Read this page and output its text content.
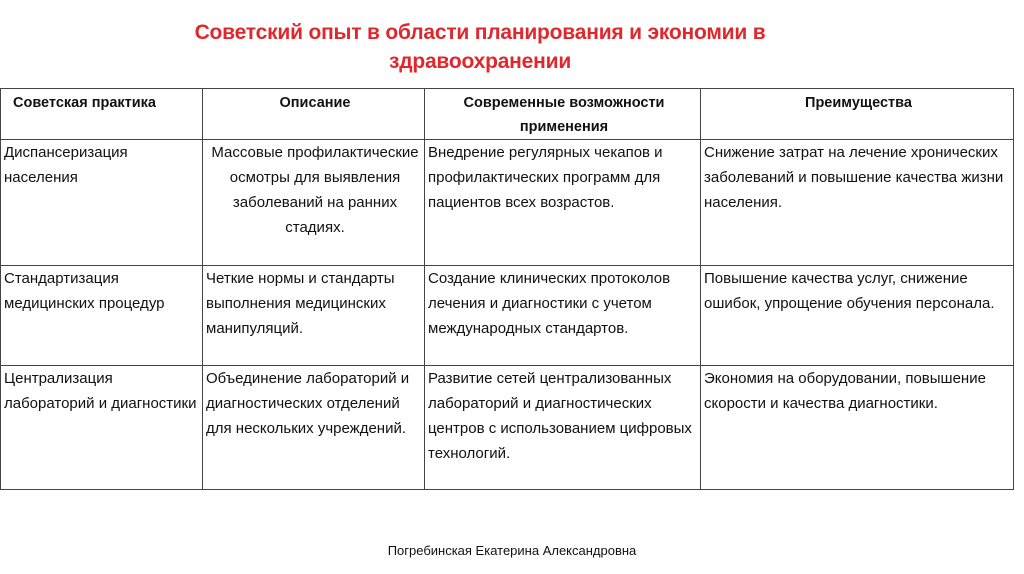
Советский опыт в области планирования и экономии в здравоохранении
Советская практика	Описание	Современные возможности применения	Преимущества
Диспансеризация населения	Массовые профилактические осмотры для выявления заболеваний на ранних стадиях.	Внедрение регулярных чекапов и профилактических программ для пациентов всех возрастов.	Снижение затрат на лечение хронических заболеваний и повышение качества жизни населения.
Стандартизация медицинских процедур	Четкие нормы и стандарты выполнения медицинских манипуляций.	Создание клинических протоколов лечения и диагностики с учетом международных стандартов.	Повышение качества услуг, снижение ошибок, упрощение обучения персонала.
Централизация лабораторий и диагностики	Объединение лабораторий и диагностических отделений для нескольких учреждений.	Развитие сетей централизованных лабораторий и диагностических центров с использованием цифровых технологий.	Экономия на оборудовании, повышение скорости и качества диагностики.
Погребинская Екатерина Александровна
